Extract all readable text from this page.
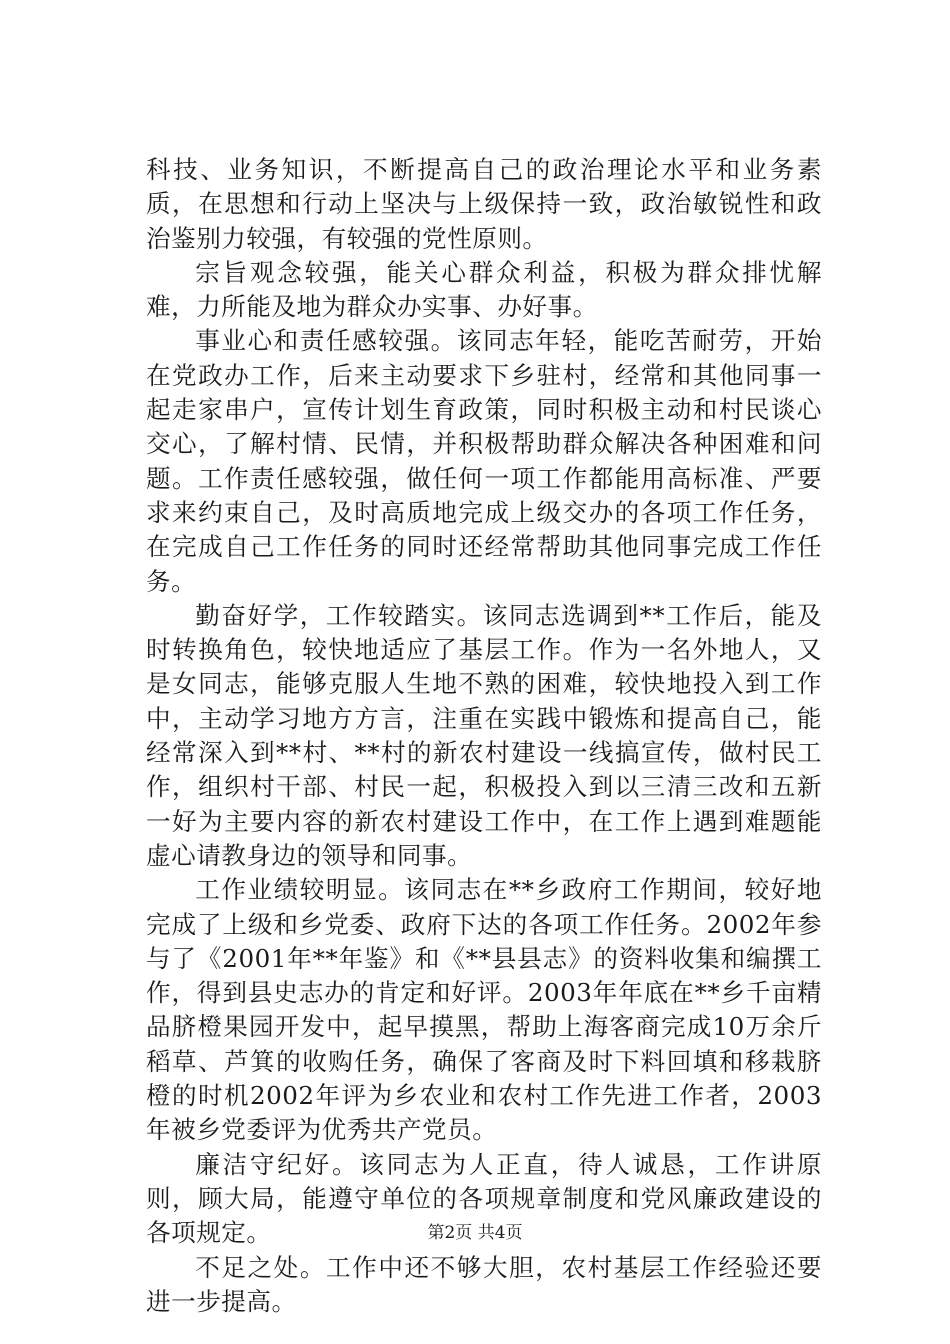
科技、业务知识，不断提高自己的政治理论水平和业务素质，在思想和行动上坚决与上级保持一致，政治敏锐性和政治鉴别力较强，有较强的党性原则。

宗旨观念较强，能关心群众利益，积极为群众排忧解难，力所能及地为群众办实事、办好事。

事业心和责任感较强。该同志年轻，能吃苦耐劳，开始在党政办工作，后来主动要求下乡驻村，经常和其他同事一起走家串户，宣传计划生育政策，同时积极主动和村民谈心交心，了解村情、民情，并积极帮助群众解决各种困难和问题。工作责任感较强，做任何一项工作都能用高标准、严要求来约束自己，及时高质地完成上级交办的各项工作任务，在完成自己工作任务的同时还经常帮助其他同事完成工作任务。

勤奋好学，工作较踏实。该同志选调到**工作后，能及时转换角色，较快地适应了基层工作。作为一名外地人，又是女同志，能够克服人生地不熟的困难，较快地投入到工作中，主动学习地方方言，注重在实践中锻炼和提高自己，能经常深入到**村、**村的新农村建设一线搞宣传，做村民工作，组织村干部、村民一起，积极投入到以三清三改和五新一好为主要内容的新农村建设工作中，在工作上遇到难题能虚心请教身边的领导和同事。

工作业绩较明显。该同志在**乡政府工作期间，较好地完成了上级和乡党委、政府下达的各项工作任务。2002年参与了《2001年**年鉴》和《**县县志》的资料收集和编撰工作，得到县史志办的肯定和好评。2003年年底在**乡千亩精品脐橙果园开发中，起早摸黑，帮助上海客商完成10万余斤稻草、芦箕的收购任务，确保了客商及时下料回填和移栽脐橙的时机2002年评为乡农业和农村工作先进工作者，2003年被乡党委评为优秀共产党员。

廉洁守纪好。该同志为人正直，待人诚恳，工作讲原则，顾大局，能遵守单位的各项规章制度和党风廉政建设的各项规定。

不足之处。工作中还不够大胆，农村基层工作经验还要进一步提高。

第2页 共4页
